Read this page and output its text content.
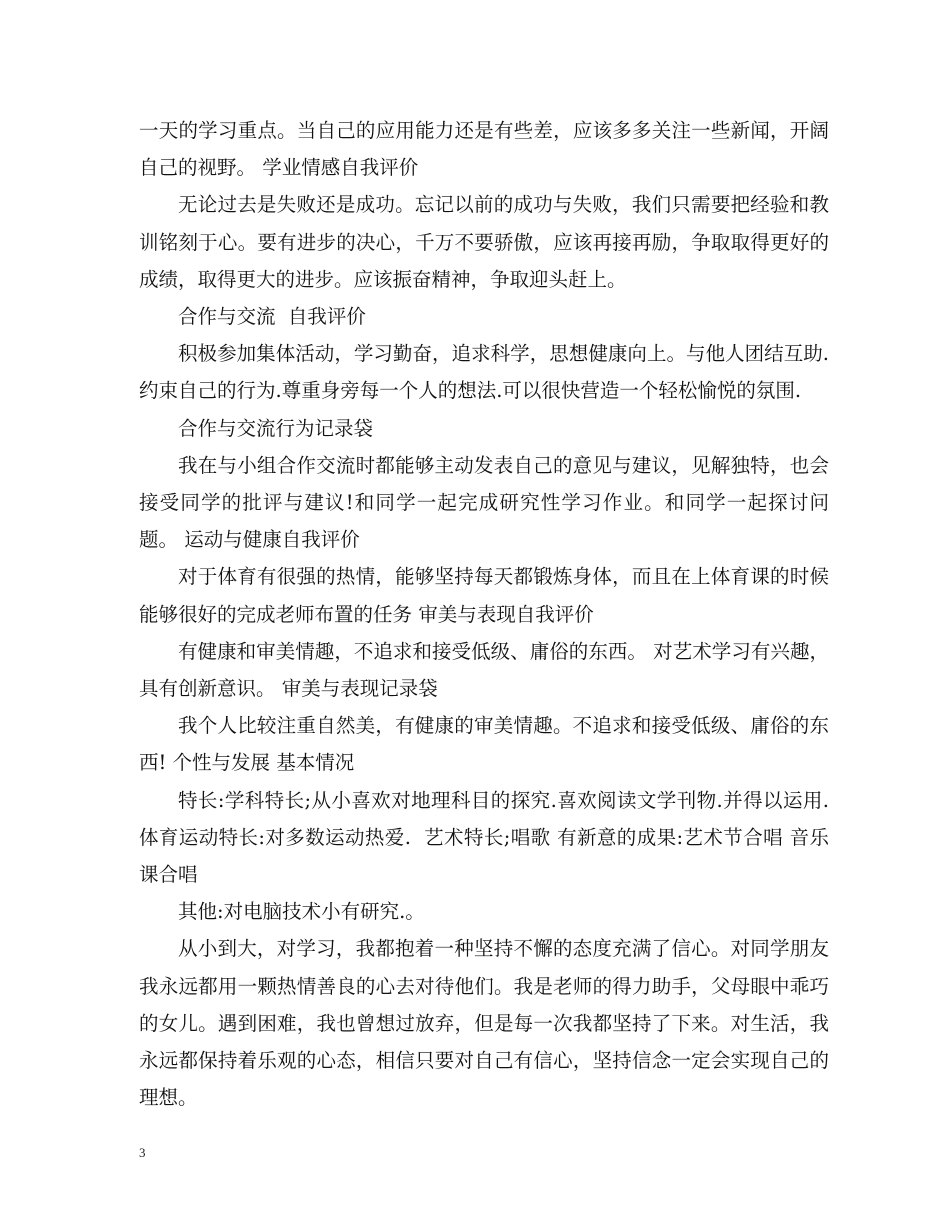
一天的学习重点。当自己的应用能力还是有些差，应该多多关注一些新闻，开阔自己的视野。 学业情感自我评价

无论过去是失败还是成功。忘记以前的成功与失败，我们只需要把经验和教训铭刻于心。要有进步的决心，千万不要骄傲，应该再接再励，争取取得更好的成绩，取得更大的进步。应该振奋精神，争取迎头赶上。

合作与交流  自我评价

积极参加集体活动，学习勤奋，追求科学，思想健康向上。与他人团结互助.约束自己的行为.尊重身旁每一个人的想法.可以很快营造一个轻松愉悦的氛围.

合作与交流行为记录袋

我在与小组合作交流时都能够主动发表自己的意见与建议，见解独特，也会接受同学的批评与建议!和同学一起完成研究性学习作业。和同学一起探讨问题。 运动与健康自我评价

对于体育有很强的热情，能够坚持每天都锻炼身体，而且在上体育课的时候能够很好的完成老师布置的任务 审美与表现自我评价

有健康和审美情趣，不追求和接受低级、庸俗的东西。 对艺术学习有兴趣，具有创新意识。 审美与表现记录袋

我个人比较注重自然美，有健康的审美情趣。不追求和接受低级、庸俗的东西! 个性与发展 基本情况

特长:学科特长;从小喜欢对地理科目的探究.喜欢阅读文学刊物.并得以运用.  体育运动特长:对多数运动热爱.  艺术特长;唱歌 有新意的成果:艺术节合唱 音乐课合唱

其他:对电脑技术小有研究.。

从小到大，对学习，我都抱着一种坚持不懈的态度充满了信心。对同学朋友我永远都用一颗热情善良的心去对待他们。我是老师的得力助手，父母眼中乖巧的女儿。遇到困难，我也曾想过放弃，但是每一次我都坚持了下来。对生活，我永远都保持着乐观的心态，相信只要对自己有信心，坚持信念一定会实现自己的理想。

3
